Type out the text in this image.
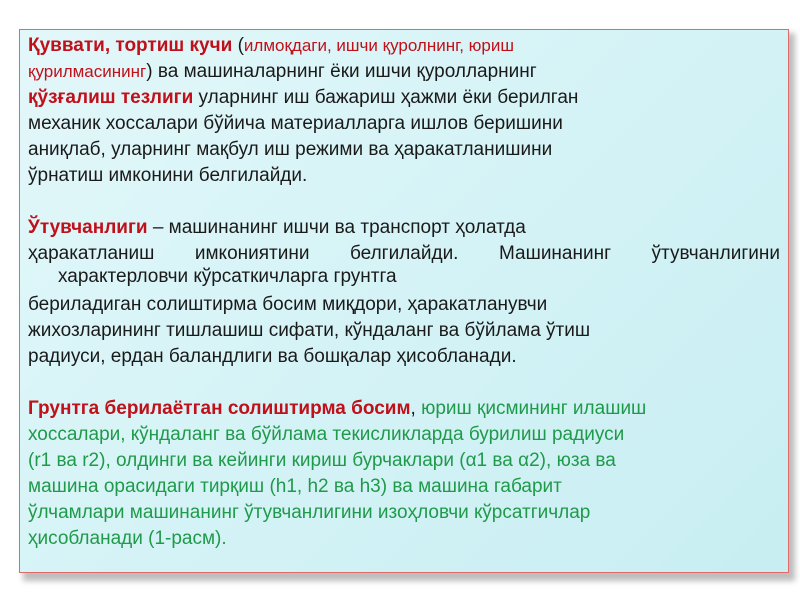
Қуввати, тортиш кучи (илмоқдаги, ишчи қуролнинг, юриш
қурилмасининг) ва машиналарнинг ёки ишчи қуролларнинг
қўзғалиш тезлиги уларнинг иш бажариш ҳажми ёки берилган
механик хоссалари бўйича материалларга ишлов беришини
аниқлаб, уларнинг мақбул иш режими ва ҳаракатланишини
ўрнатиш имконини белгилайди.
Ўтувчанлиги – машинанинг ишчи ва транспорт ҳолатда
ҳаракатланиш имкониятини белгилайди. Машинанинг ўтувчанлигини
характерловчи кўрсаткичларга грунтга
бериладиган солиштирма босим миқдори, ҳаракатланувчи
жихозларининг тишлашиш сифати, кўндаланг ва бўйлама ўтиш
радиуси, ердан баландлиги ва бошқалар ҳисобланади.
Грунтга берилаётган солиштирма босим, юриш қисмининг илашиш
хоссалари, кўндаланг ва бўйлама текисликларда бурилиш радиуси
(r1 ва r2), олдинги ва кейинги кириш бурчаклари (α1 ва α2), юза ва
машина орасидаги тирқиш (h1, h2 ва h3) ва машина габарит
ўлчамлари машинанинг ўтувчанлигини изоҳловчи кўрсатгичлар
ҳисобланади (1-расм).
